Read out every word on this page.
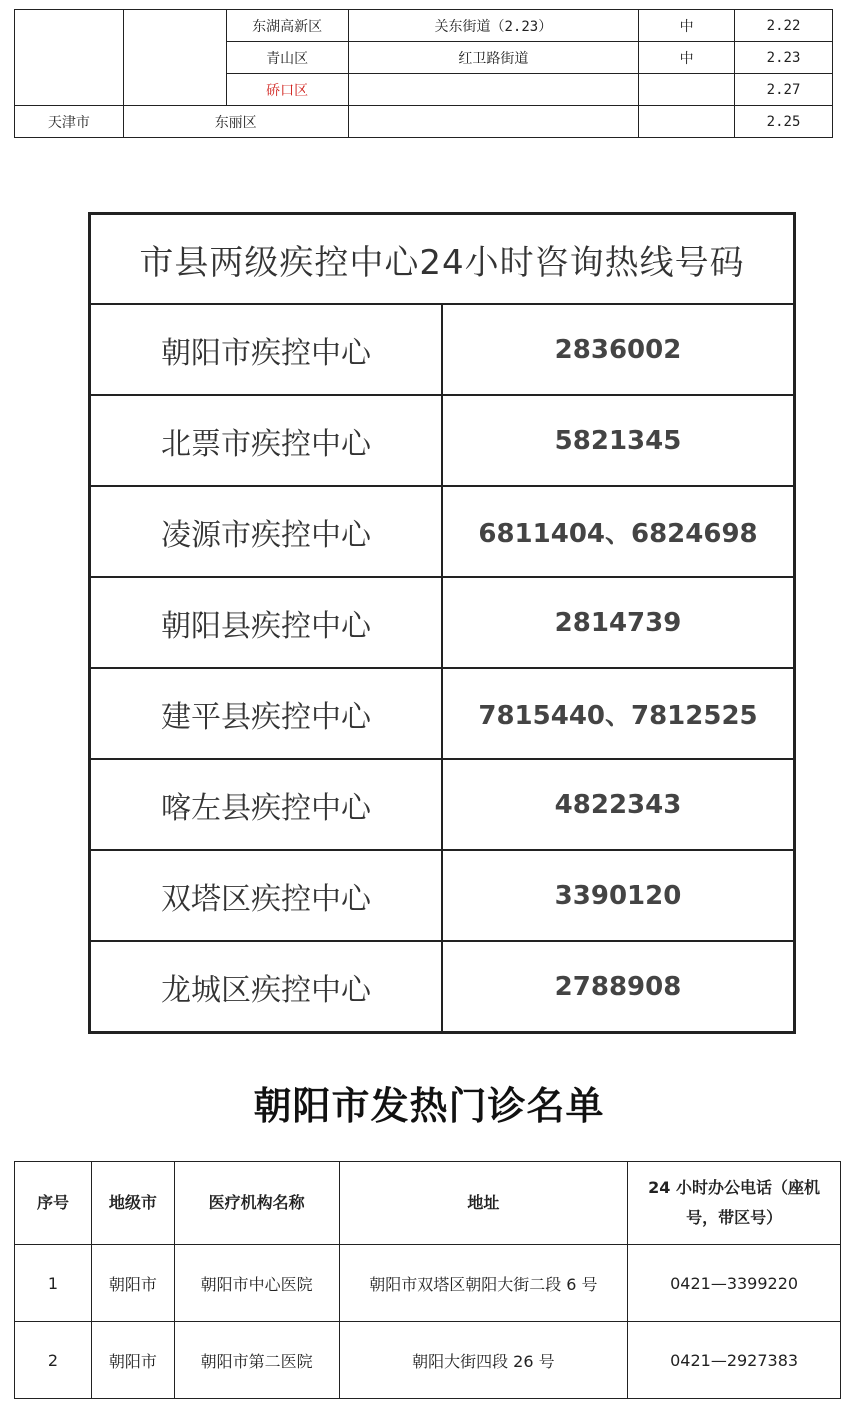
		东湖高新区	关东街道（2.23）	中	2.22
		青山区	红卫路街道	中	2.23
		硚口区			2.27
天津市	东丽区				2.25
市县两级疾控中心24小时咨询热线号码	
朝阳市疾控中心	2836002
北票市疾控中心	5821345
凌源市疾控中心	6811404、6824698
朝阳县疾控中心	2814739
建平县疾控中心	7815440、7812525
喀左县疾控中心	4822343
双塔区疾控中心	3390120
龙城区疾控中心	2788908
朝阳市发热门诊名单
序号	地级市	医疗机构名称	地址	24 小时办公电话（座机号，带区号）
1	朝阳市	朝阳市中心医院	朝阳市双塔区朝阳大街二段 6 号	0421—3399220
2	朝阳市	朝阳市第二医院	朝阳大街四段 26 号	0421—2927383
